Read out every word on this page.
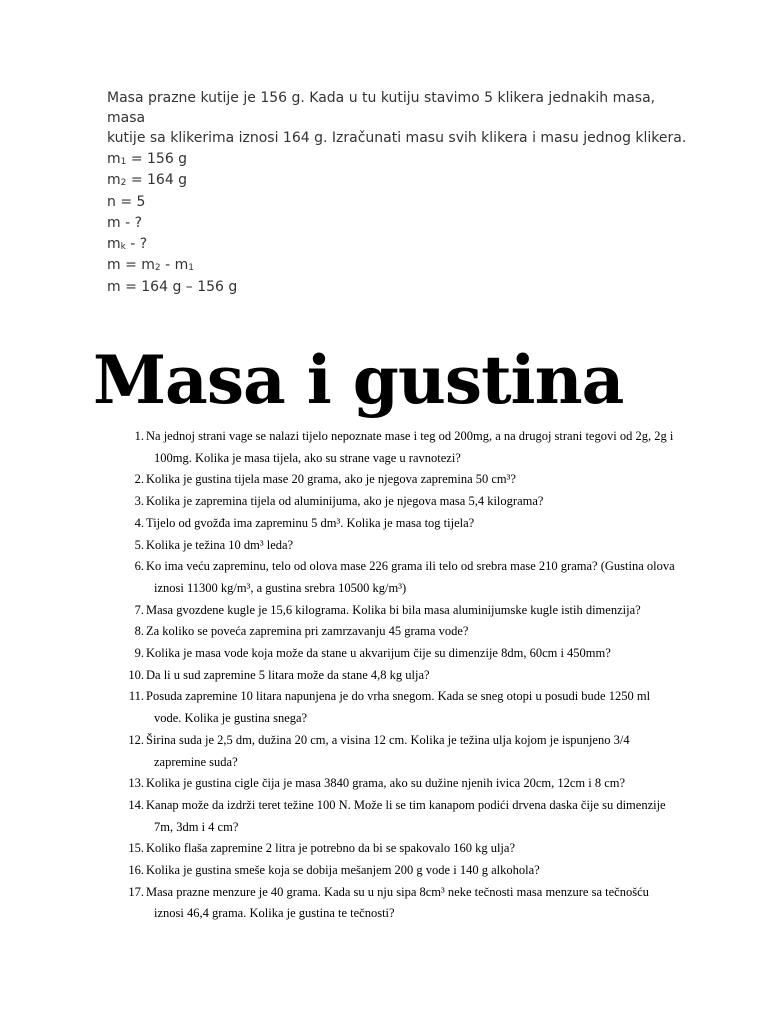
Masa prazne kutije je 156 g. Kada u tu kutiju stavimo 5 klikera jednakih masa, masa
kutije sa klikerima iznosi 164 g. Izračunati masu svih klikera i masu jednog klikera.
$m_1 = 156$ g
$m_2 = 164$ g
n = 5
m - ?
$m_k$ - ?
$m = m_2 - m_1$
m = 164 g – 156 g
Masa i gustina
1. Na jednoj strani vage se nalazi tijelo nepoznate mase i teg od 200mg, a na drugoj strani tegovi od 2g, 2g i 100mg. Kolika je masa tijela, ako su strane vage u ravnotezi?
2. Kolika je gustina tijela mase 20 grama, ako je njegova zapremina 50 cm³?
3. Kolika je zapremina tijela od aluminijuma, ako je njegova masa 5,4 kilograma?
4. Tijelo od gvožđa ima zapreminu 5 dm³. Kolika je masa tog tijela?
5. Kolika je težina 10 dm³ leda?
6. Ko ima veću zapreminu, telo od olova mase 226 grama ili telo od srebra mase 210 grama? (Gustina olova iznosi 11300 kg/m³, a gustina srebra 10500 kg/m³)
7. Masa gvozdene kugle je 15,6 kilograma. Kolika bi bila masa aluminijumske kugle istih dimenzija?
8. Za koliko se poveća zapremina pri zamrzavanju 45 grama vode?
9. Kolika je masa vode koja može da stane u akvarijum čije su dimenzije 8dm, 60cm i 450mm?
10. Da li u sud zapremine 5 litara može da stane 4,8 kg ulja?
11. Posuda zapremine 10 litara napunjena je do vrha snegom. Kada se sneg otopi u posudi bude 1250 ml vode. Kolika je gustina snega?
12. Širina suda je 2,5 dm, dužina 20 cm, a visina 12 cm. Kolika je težina ulja kojom je ispunjeno 3/4 zapremine suda?
13. Kolika je gustina cigle čija je masa 3840 grama, ako su dužine njenih ivica 20cm, 12cm i 8 cm?
14. Kanap može da izdrži teret težine 100 N. Može li se tim kanapom podići drvena daska čije su dimenzije 7m, 3dm i 4 cm?
15. Koliko flaša zapremine 2 litra je potrebno da bi se spakovalo 160 kg ulja?
16. Kolika je gustina smeše koja se dobija mešanjem 200 g vode i 140 g alkohola?
17. Masa prazne menzure je 40 grama. Kada su u nju sipa 8cm³ neke tečnosti masa menzure sa tečnošću iznosi 46,4 grama. Kolika je gustina te tečnosti?
